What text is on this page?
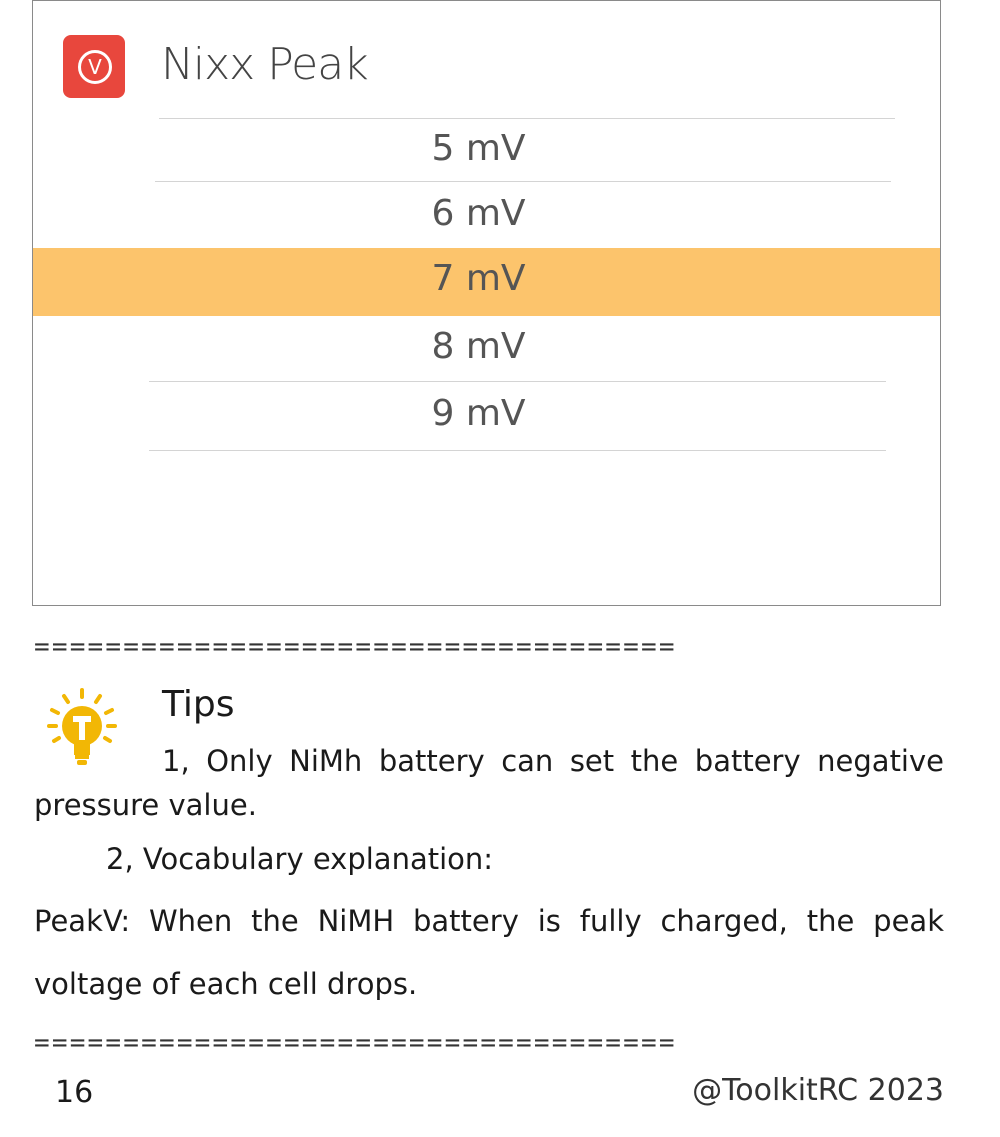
V Nixx Peak
5 mV
6 mV
7 mV
8 mV
9 mV
====================================
Tips
1, Only NiMh battery can set the battery negative
pressure value.
2, Vocabulary explanation:
PeakV: When the NiMH battery is fully charged, the peak
voltage of each cell drops.
====================================
16	@ToolkitRC 2023
